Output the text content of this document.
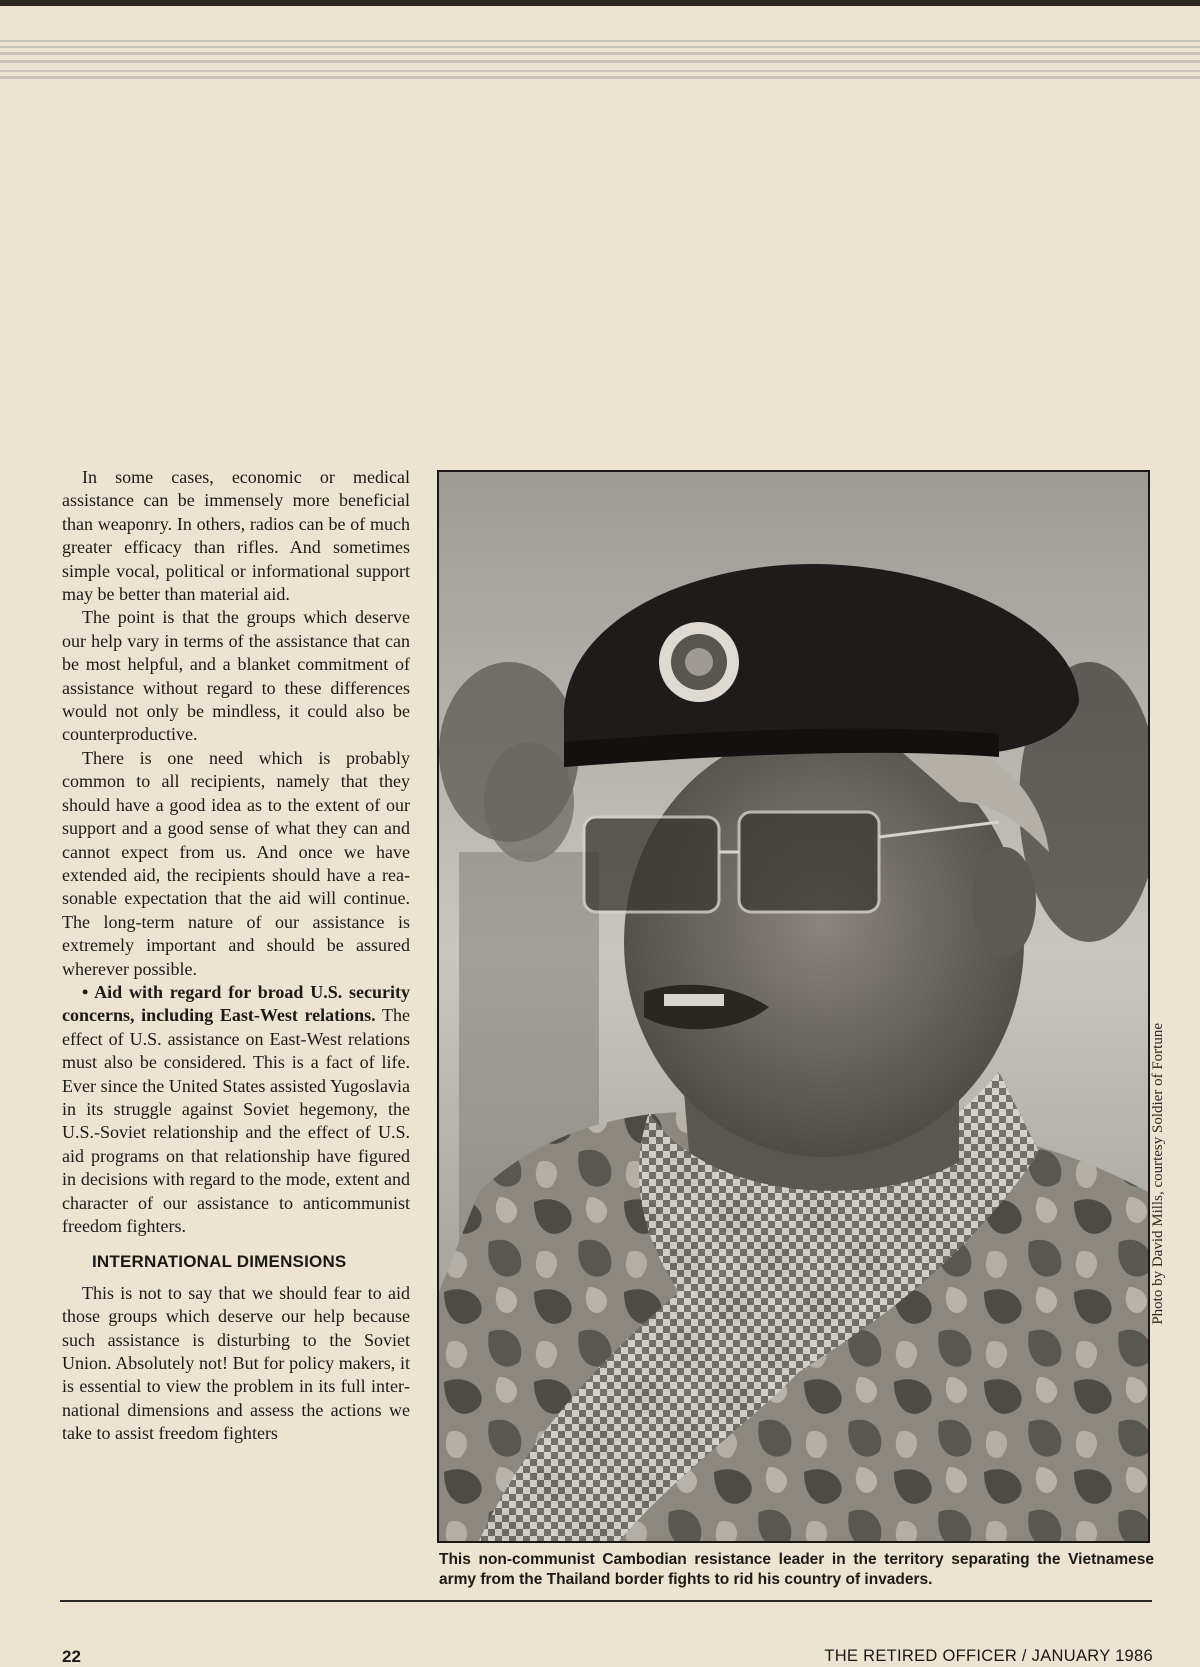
In some cases, economic or medical assistance can be immensely more beneficial than weaponry. In others, radios can be of much greater efficacy than rifles. And sometimes simple vocal, political or informational support may be better than material aid.

The point is that the groups which deserve our help vary in terms of the assistance that can be most helpful, and a blanket commitment of assistance without regard to these differences would not only be mindless, it could also be counterproductive.

There is one need which is probably common to all recipients, namely that they should have a good idea as to the extent of our support and a good sense of what they can and cannot expect from us. And once we have extended aid, the recipients should have a reasonable expectation that the aid will continue. The long-term nature of our assistance is extremely important and should be assured wherever possible.

• Aid with regard for broad U.S. security concerns, including East-West relations. The effect of U.S. assistance on East-West relations must also be considered. This is a fact of life. Ever since the United States assisted Yugoslavia in its struggle against Soviet hegemony, the U.S.-Soviet relationship and the effect of U.S. aid programs on that relationship have figured in decisions with regard to the mode, extent and character of our assistance to anticommunist freedom fighters.

INTERNATIONAL DIMENSIONS

This is not to say that we should fear to aid those groups which deserve our help because such assistance is disturbing to the Soviet Union. Absolutely not! But for policy makers, it is essential to view the problem in its full international dimensions and assess the actions we take to assist freedom fighters

Photo by David Mills, courtesy Soldier of Fortune
This non-communist Cambodian resistance leader in the territory separating the Vietnamese army from the Thailand border fights to rid his country of invaders.
22	THE RETIRED OFFICER / JANUARY 1986
